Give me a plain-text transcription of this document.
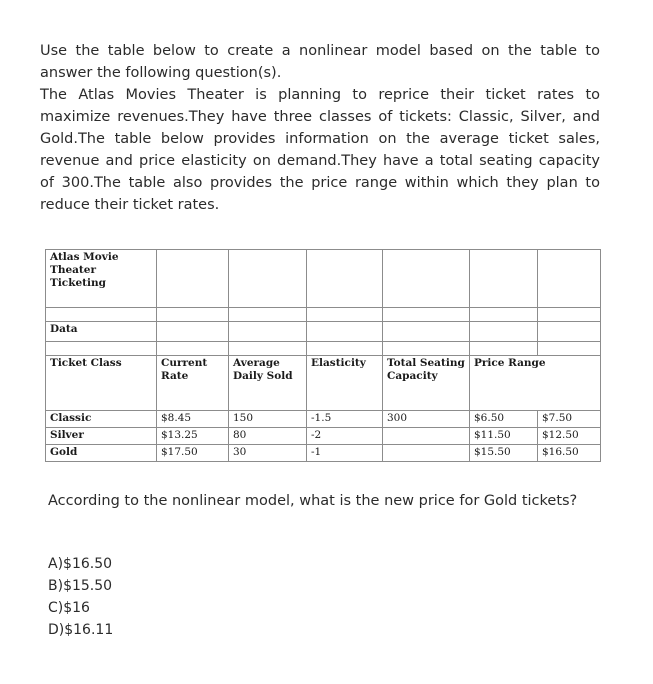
Use the table below to create a nonlinear model based on the table to answer the following question(s).

The Atlas Movies Theater is planning to reprice their ticket rates to maximize revenues.They have three classes of tickets: Classic, Silver, and Gold.The table below provides information on the average ticket sales, revenue and price elasticity on demand.They have a total seating capacity of 300.The table also provides the price range within which they plan to reduce their ticket rates.

Atlas Movie Theater Ticketing						

Data						

Ticket Class	Current Rate	Average Daily Sold	Elasticity	Total Seating Capacity	Price Range	
Classic	$8.45	150	-1.5	300	$6.50	$7.50
Silver	$13.25	80	-2		$11.50	$12.50
Gold	$17.50	30	-1		$15.50	$16.50
According to the nonlinear model, what is the new price for Gold tickets?
A)$16.50
B)$15.50
C)$16
D)$16.11
